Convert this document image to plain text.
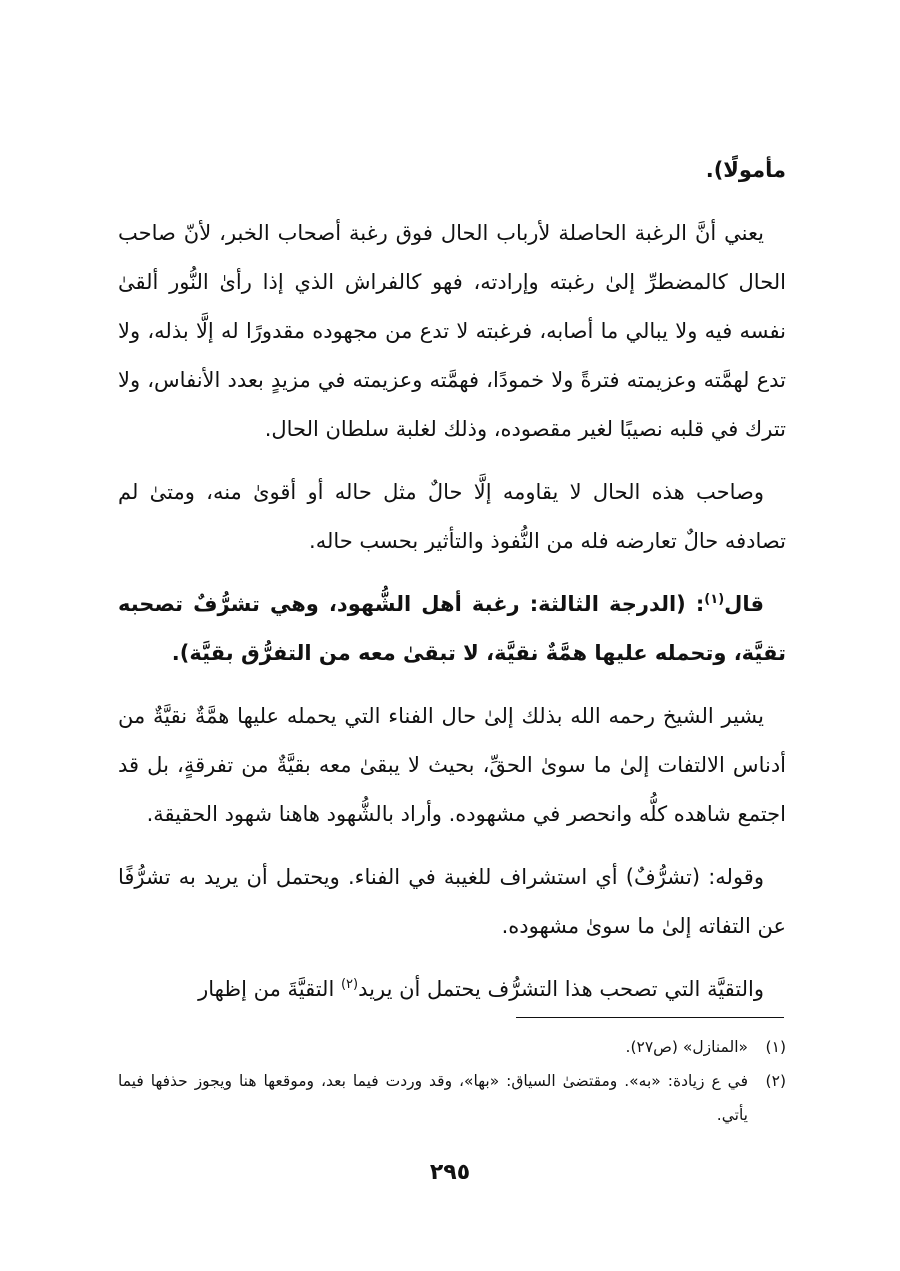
مأمولًا).

يعني أنَّ الرغبة الحاصلة لأرباب الحال فوق رغبة أصحاب الخبر، لأنّ صاحب الحال كالمضطرِّ إلىٰ رغبته وإرادته، فهو كالفراش الذي إذا رأىٰ النُّور ألقىٰ نفسه فيه ولا يبالي ما أصابه، فرغبته لا تدع من مجهوده مقدورًا له إلَّا بذله، ولا تدع لهمَّته وعزيمته فترةً ولا خمودًا، فهمَّته وعزيمته في مزيدٍ بعدد الأنفاس، ولا تترك في قلبه نصيبًا لغير مقصوده، وذلك لغلبة سلطان الحال.

وصاحب هذه الحال لا يقاومه إلَّا حالٌ مثل حاله أو أقوىٰ منه، ومتىٰ لم تصادفه حالٌ تعارضه فله من النُّفوذ والتأثير بحسب حاله.

قال$^{(١)}$: (الدرجة الثالثة: رغبة أهل الشُّهود، وهي تشرُّفٌ تصحبه تقيَّة، وتحمله عليها همَّةٌ نقيَّة، لا تبقىٰ معه من التفرُّق بقيَّة).

يشير الشيخ رحمه الله بذلك إلىٰ حال الفناء التي يحمله عليها همَّةٌ نقيَّةٌ من أدناس الالتفات إلىٰ ما سوىٰ الحقِّ، بحيث لا يبقىٰ معه بقيَّةٌ من تفرقةٍ، بل قد اجتمع شاهده كلُّه وانحصر في مشهوده. وأراد بالشُّهود هاهنا شهود الحقيقة.

وقوله: (تشرُّفٌ) أي استشراف للغيبة في الفناء. ويحتمل أن يريد به تشرُّفًا عن التفاته إلىٰ ما سوىٰ مشهوده.

والتقيَّة التي تصحب هذا التشرُّف يحتمل أن يريد$^{(٢)}$ التقيَّةَ من إظهار

(١)
«المنازل» (ص٢٧).
(٢)
في ع زيادة: «به». ومقتضىٰ السياق: «بها»، وقد وردت فيما بعد، وموقعها هنا ويجوز حذفها فيما يأتي.
٢٩٥
